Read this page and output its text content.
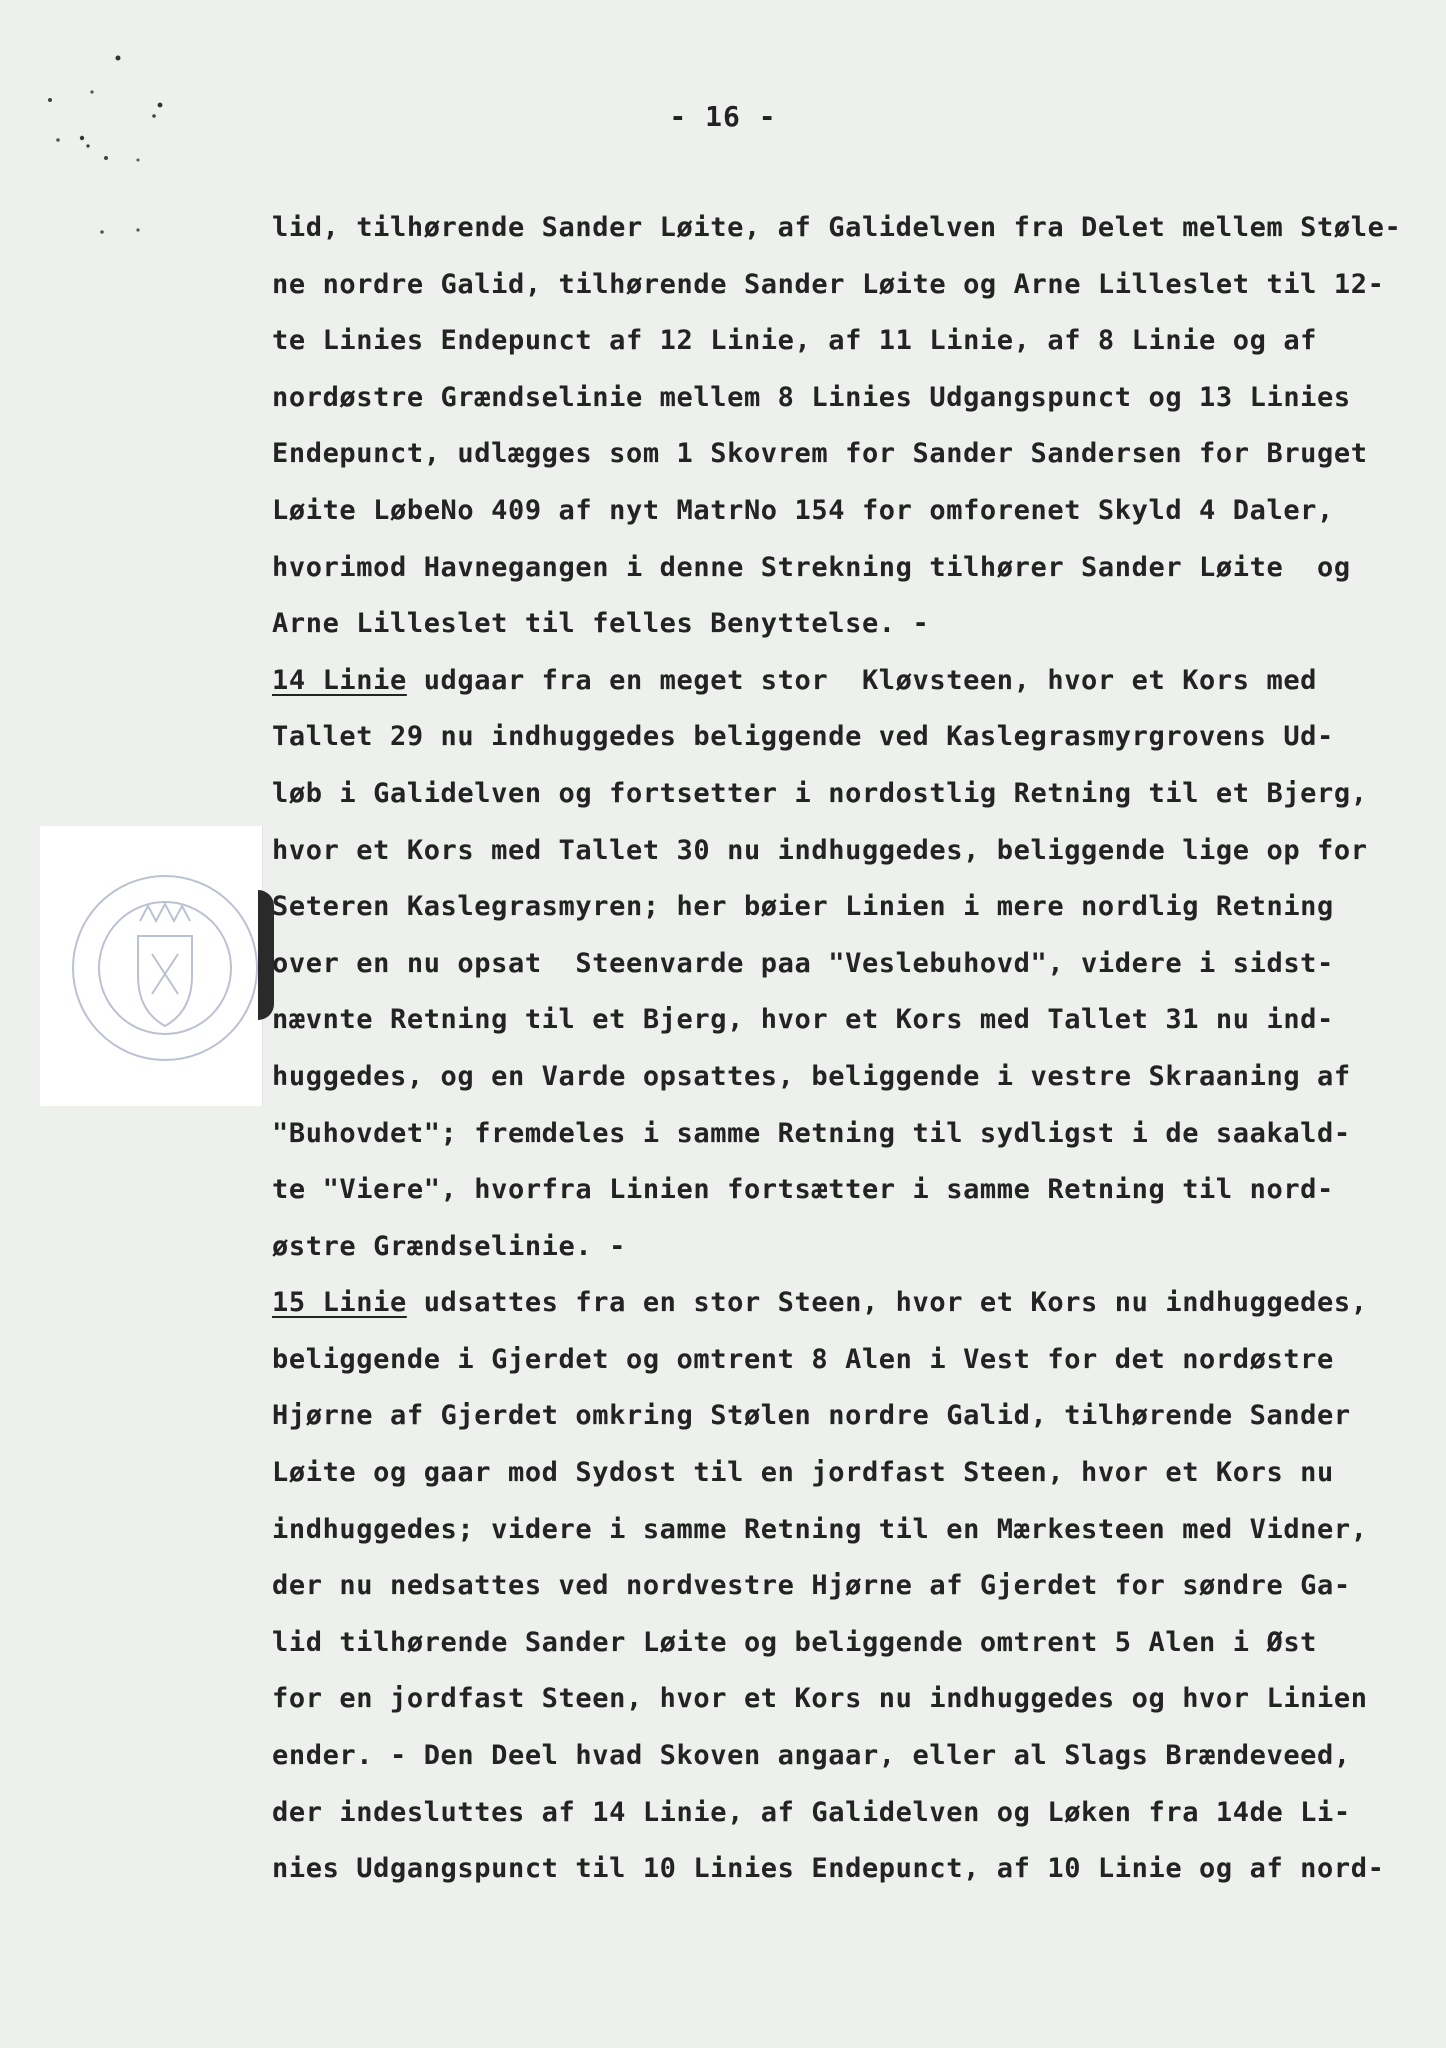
- 16 -
lid, tilhørende Sander Løite, af Galidelven fra Delet mellem Støle-
ne nordre Galid, tilhørende Sander Løite og Arne Lilleslet til 12-
te Linies Endepunct af 12 Linie, af 11 Linie, af 8 Linie og af
nordøstre Grændselinie mellem 8 Linies Udgangspunct og 13 Linies
Endepunct, udlægges som 1 Skovrem for Sander Sandersen for Bruget
Løite LøbeNo 409 af nyt MatrNo 154 for omforenet Skyld 4 Daler,
hvorimod Havnegangen i denne Strekning tilhører Sander Løite  og
Arne Lilleslet til felles Benyttelse. -
14 Linie udgaar fra en meget stor  Kløvsteen, hvor et Kors med
Tallet 29 nu indhuggedes beliggende ved Kaslegrasmyrgrovens Ud-
løb i Galidelven og fortsetter i nordostlig Retning til et Bjerg,
hvor et Kors med Tallet 30 nu indhuggedes, beliggende lige op for
Seteren Kaslegrasmyren; her bøier Linien i mere nordlig Retning
over en nu opsat  Steenvarde paa "Veslebuhovd", videre i sidst-
nævnte Retning til et Bjerg, hvor et Kors med Tallet 31 nu ind-
huggedes, og en Varde opsattes, beliggende i vestre Skraaning af
"Buhovdet"; fremdeles i samme Retning til sydligst i de saakald-
te "Viere", hvorfra Linien fortsætter i samme Retning til nord-
østre Grændselinie. -
15 Linie udsattes fra en stor Steen, hvor et Kors nu indhuggedes,
beliggende i Gjerdet og omtrent 8 Alen i Vest for det nordøstre
Hjørne af Gjerdet omkring Stølen nordre Galid, tilhørende Sander
Løite og gaar mod Sydost til en jordfast Steen, hvor et Kors nu
indhuggedes; videre i samme Retning til en Mærkesteen med Vidner,
der nu nedsattes ved nordvestre Hjørne af Gjerdet for søndre Ga-
lid tilhørende Sander Løite og beliggende omtrent 5 Alen i Øst
for en jordfast Steen, hvor et Kors nu indhuggedes og hvor Linien
ender. - Den Deel hvad Skoven angaar, eller al Slags Brændeveed,
der indesluttes af 14 Linie, af Galidelven og Løken fra 14de Li-
nies Udgangspunct til 10 Linies Endepunct, af 10 Linie og af nord-
